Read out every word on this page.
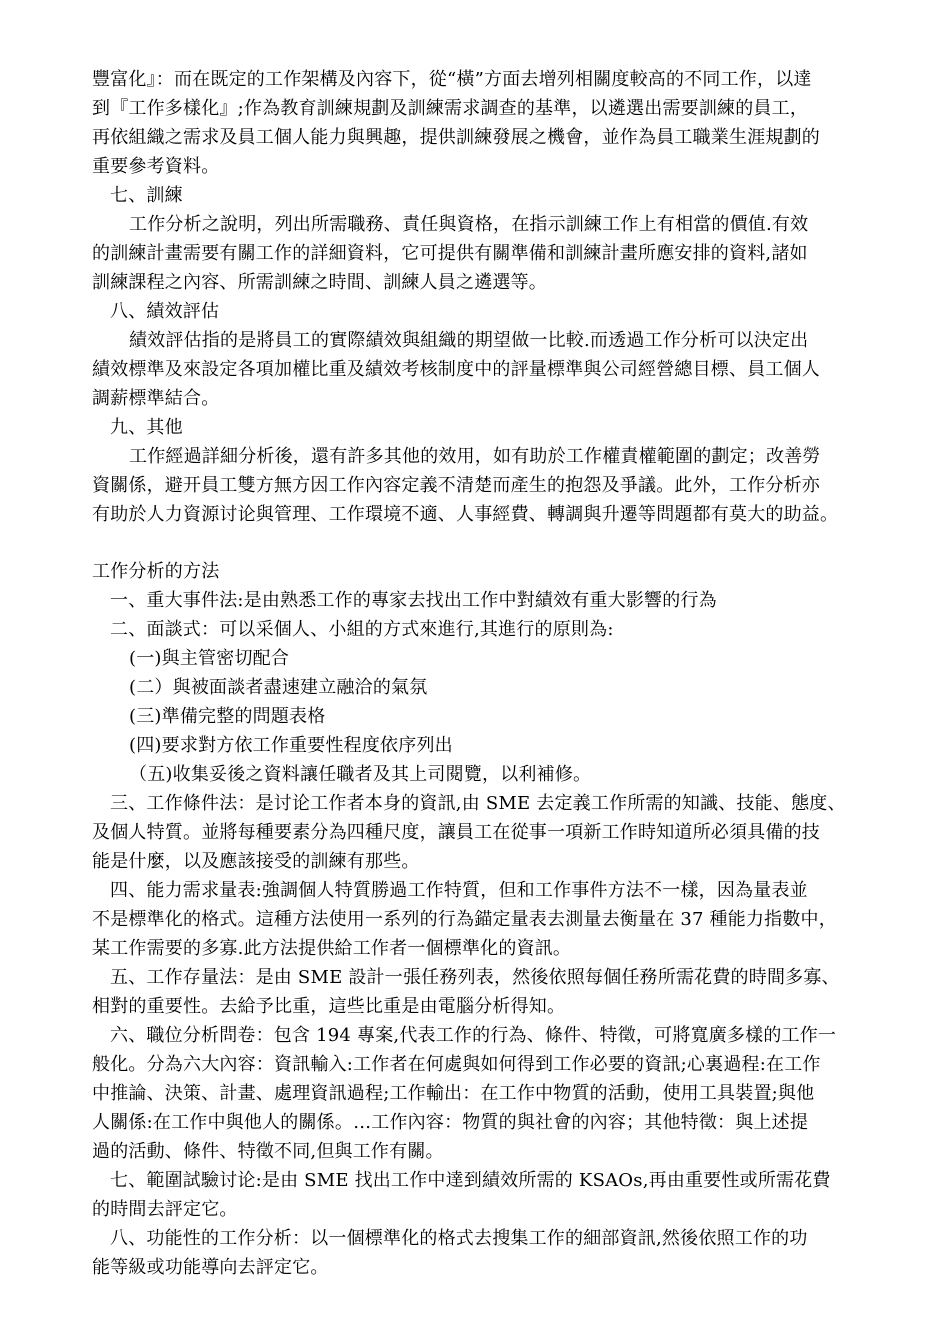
豐富化』：而在既定的工作架構及內容下，從“橫”方面去增列相關度較高的不同工作，以達
到『工作多樣化』;作為教育訓練規劃及訓練需求調查的基準，以遴選出需要訓練的員工，
再依組織之需求及員工個人能力與興趣，提供訓練發展之機會，並作為員工職業生涯規劃的
重要參考資料。
七、訓練
工作分析之說明，列出所需職務、責任與資格，在指示訓練工作上有相當的價值.有效
的訓練計畫需要有關工作的詳細資料，它可提供有關準備和訓練計畫所應安排的資料,諸如
訓練課程之內容、所需訓練之時間、訓練人員之遴選等。
八、績效評估
績效評估指的是將員工的實際績效與組織的期望做一比較.而透過工作分析可以決定出
績效標準及來設定各項加權比重及績效考核制度中的評量標準與公司經營總目標、員工個人
調薪標準結合。
九、其他
工作經過詳細分析後，還有許多其他的效用，如有助於工作權責權範圍的劃定；改善勞
資關係，避开員工雙方無方因工作內容定義不清楚而產生的抱怨及爭議。此外，工作分析亦
有助於人力資源讨论與管理、工作環境不適、人事經費、轉調與升遷等問題都有莫大的助益。
工作分析的方法
一、重大事件法:是由熟悉工作的專家去找出工作中對績效有重大影響的行為
二、面談式：可以采個人、小組的方式來進行,其進行的原則為:
(一)與主管密切配合
(二）與被面談者盡速建立融洽的氣氛
(三)準備完整的問題表格
(四)要求對方依工作重要性程度依序列出
（五)收集妥後之資料讓任職者及其上司閱覽，以利補修。
三、工作條件法：是讨论工作者本身的資訊,由 SME 去定義工作所需的知識、技能、態度、
及個人特質。並將每種要素分為四種尺度，讓員工在從事一項新工作時知道所必須具備的技
能是什麼，以及應該接受的訓練有那些。
四、能力需求量表:強調個人特質勝過工作特質，但和工作事件方法不一樣，因為量表並
不是標準化的格式。這種方法使用一系列的行為錨定量表去測量去衡量在 37 種能力指數中，
某工作需要的多寡.此方法提供給工作者一個標準化的資訊。
五、工作存量法：是由 SME 設計一張任務列表，然後依照每個任務所需花費的時間多寡、
相對的重要性。去給予比重，這些比重是由電腦分析得知。
六、職位分析問卷：包含 194 專案,代表工作的行為、條件、特徵，可將寬廣多樣的工作一
般化。分為六大內容：資訊輸入:工作者在何處與如何得到工作必要的資訊;心裏過程:在工作
中推論、決策、計畫、處理資訊過程;工作輸出：在工作中物質的活動，使用工具裝置;與他
人關係:在工作中與他人的關係。…工作內容：物質的與社會的內容；其他特徵：與上述提
過的活動、條件、特徵不同,但與工作有關。
七、範圍試驗讨论:是由 SME 找出工作中達到績效所需的 KSAOs,再由重要性或所需花費
的時間去評定它。
八、功能性的工作分析：以一個標準化的格式去搜集工作的細部資訊,然後依照工作的功
能等級或功能導向去評定它。
